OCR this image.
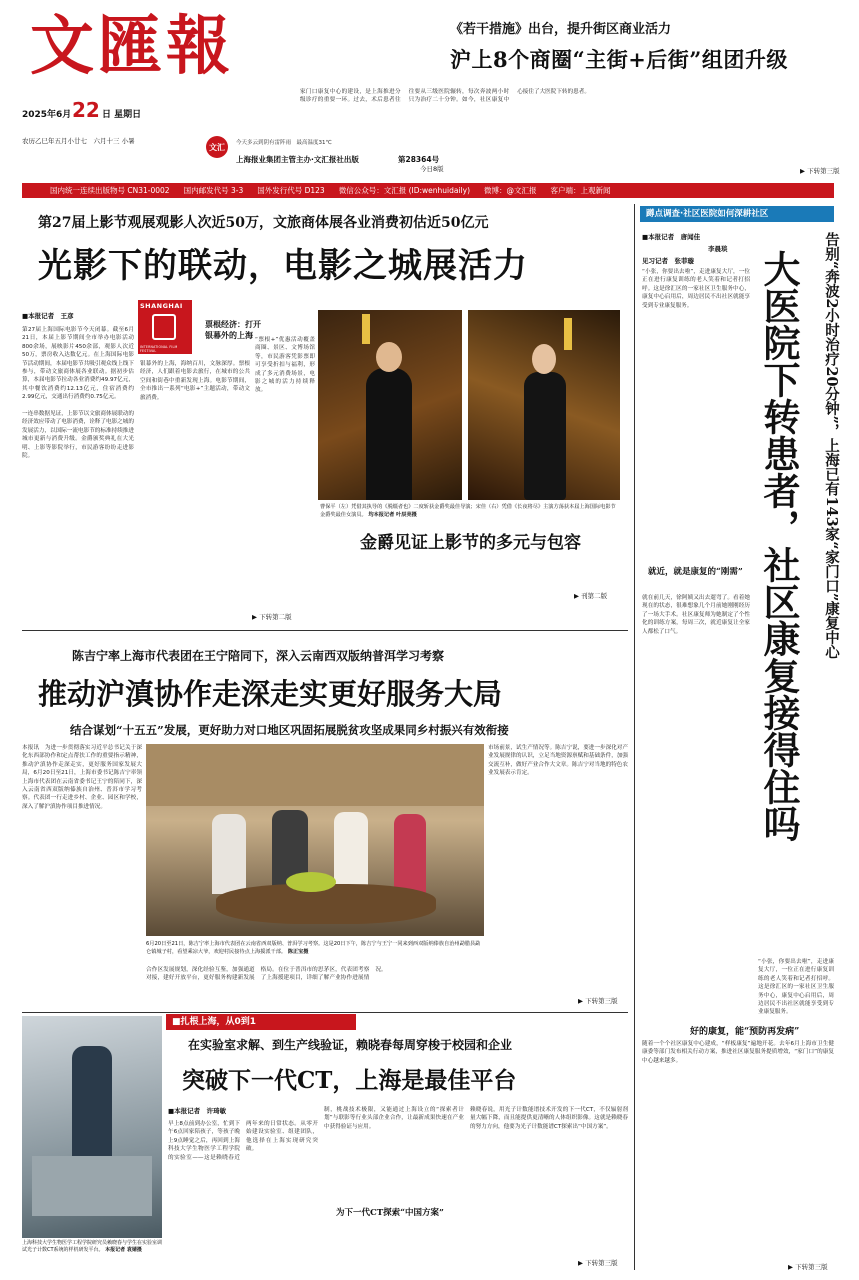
文匯報
2025年6月 22 日 星期日
农历乙巳年五月小廿七　六月十三 小暑
文汇	今天多云到阴有雷阵雨　最高温度31℃
上海报业集团主管主办·文汇报社出版	第28364号
今日8版
《若干措施》出台，提升街区商业活力
沪上8个商圈“主街+后街”组团升级
家门口康复中心的建设，是上海推进分级诊疗的重要一环。过去，术后患者往往要从三级医院辗转，每次奔波两小时只为治疗二十分钟。如今，社区康复中心接住了大医院下转的患者。
▶ 下转第三版
国内统一连续出版物号 CN31-0002 国内邮发代号 3-3 国外发行代号 D123 微信公众号：文汇报 (ID:wenhuidaily) 微博：@文汇报 客户端：上观新闻
第27届上影节观展观影人次近50万，文旅商体展各业消费初估近50亿元
光影下的联动，电影之城展活力
■本报记者　王彦
SHANGHAI
INTERNATIONAL FILM FESTIVAL
第27届上海国际电影节今天闭幕。截至6月21日，本届上影节期间全市举办电影活动800余场，展映影片450余部，观影人次近50万，票房收入达数亿元。在上海国际电影节活动期间，本届电影节共吸引观众线上线下参与，带动文旅商体展各业联动。据初步估算，本届电影节拉动各业消费约49.97亿元，其中餐饮消费约12.13亿元，住宿消费约2.99亿元，交通出行消费约0.75亿元。
一连串数据见证，上影节以文旅商体展联动的经济效应带动了电影消费，诠释了电影之城的发展活力，以国际一流电影节的标准持续推进城市更新与消费升级。金爵颁奖典礼在大光明、上影等影院举行，市民游客纷纷走进影院。
票根经济：打开银幕外的上海
银幕外的上海，海纳百川，文脉深厚。票根经济，人们跟着电影去旅行，在城市的公共空间和街巷中重新发现上海。电影节期间，全市推出一系列“电影+”主题活动，带动文旅消费。
“票根+”优惠活动覆盖商圈、景区、文博场馆等，市民游客凭影票即可享受折扣与福利，形成了多元消费场景，电影之城的活力持续释放。
曹保平（左）凭借其执导的《脱缰者也》二度斩获金爵奖最佳导演；宋佳（右）凭借《长夜将尽》主演方荡获本届上海国际电影节金爵奖最佳女演员。 均本报记者 叶辰亮摄
金爵见证上影节的多元与包容
▶ 刊第二版
▶ 下转第二版
陈吉宁率上海市代表团在王宁陪同下，深入云南西双版纳普洱学习考察
推动沪滇协作走深走实更好服务大局
结合谋划“十五五”发展，更好助力对口地区巩固拓展脱贫攻坚成果同乡村振兴有效衔接
本报讯　为进一步贯彻落实习近平总书记关于深化东西部协作和定点帮扶工作的重要指示精神，推动沪滇协作走深走实，更好服务国家发展大局，6月20日至21日，上海市委书记陈吉宁率领上海市代表团在云南省委书记王宁的陪同下，深入云南省西双版纳傣族自治州、普洱市学习考察。代表团一行走进乡村、企业、园区和学校，深入了解沪滇协作项目推进情况。
6月20日至21日，陈吉宁率上海市代表团在云南省西双版纳、普洱学习考察。这是20日下午，陈吉宁与王宁一同来到西双版纳傣族自治州勐腊县勐仑镇城子村，看望乘凉大爷，欢迎村民接待点上海援派干部。 陈正宝摄
市场前景，试生产情况等。陈吉宁说，要进一步深化对产业发展规律的认识，立足当地资源禀赋和基础条件，加强交流互补，做好产业合作大文章。陈吉宁对当地的特色农业发展表示肯定。
合作区发展规划，深化经验互鉴，加强通道对接，建好开放平台，更好服务构建新发展格局。在位于普洱市的思茅区，代表团考察了上海援建项目，详细了解产业协作进展情况。
▶ 下转第三版
■扎根上海，从0到1
在实验室求解、到生产线验证，赖晓春每周穿梭于校园和企业
突破下一代CT，上海是最佳平台
上海科技大学生物医学工程学院研究员赖晓春与学生在实验室调试光子计数CT系统的样机研发平台。 本报记者 袁婧摄
■本报记者　许琦敏
早上8点前到办公室，忙到下午6点回家陪孩子，等孩子晚上9点睡觉之后，再回到上海科技大学生物医学工程学院的实验室——这是赖晓春近两年来的日常状态。从零开始建设实验室、组建团队，他选择在上海实现研究突破。
制，桃战技术极限，又能通过上海设立的“探索者计划”与联影等行业头部企业合作，让最新成果快速在产业中获得验证与应用。
为下一代CT探索“中国方案”
赖晓春说，用光子计数能谱技术开发的下一代CT，不仅辐射剂量大幅下降，而且能提供更清晰的人体组织影像。这就是赖晓春的努力方向，他要为光子计数能谱CT探索出“中国方案”。
▶ 下转第三版
蹲点调查·社区医院如何深耕社区
■本报记者　唐闻佳
李晨琰
见习记者　张菲璇	告别“奔波2小时治疗20分钟”，上海已有143家“家门口”康复中心
大医院下转患者，社区康复接得住吗
“小张，你要出去啦”，走进康复大厅，一位正在进行康复训练的老人笑着和记者打招呼。这是徐汇区的一家社区卫生服务中心，康复中心启用后，周边居民不出社区就能享受到专业康复服务。
就近，就是康复的“刚需”
就在前几天，徐阿姨又出去遛弯了。看着她现在的状态，很难想象几个月前她刚刚经历了一场大手术。社区康复师为她制定了个性化的训练方案，每周三次，就近康复让全家人都松了口气。
好的康复，能“预防再发病”
“小张，你要出去啦”，走进康复大厅，一位正在进行康复训练的老人笑着和记者打招呼。这是徐汇区的一家社区卫生服务中心，康复中心启用后，周边居民不出社区就能享受到专业康复服务。
随着一个个社区康复中心建成，“样板康复”遍地开花。去年6月上海市卫生健康委等部门发布相关行动方案，推进社区康复服务提质增效，“家门口”的康复中心越来越多。
▶ 下转第三版
